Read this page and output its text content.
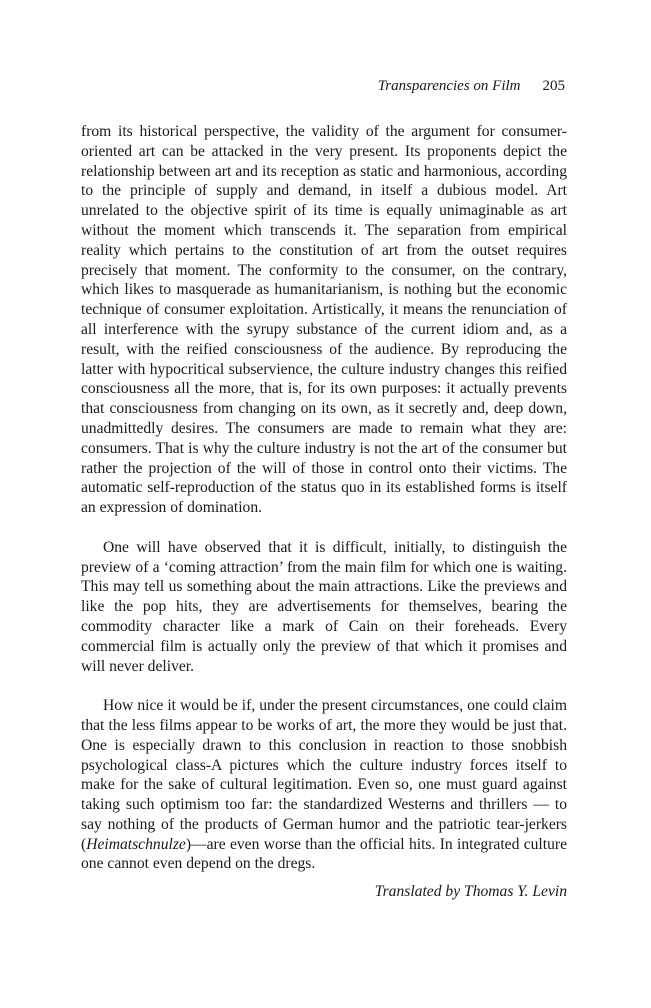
Transparencies on Film 205

from its historical perspective, the validity of the argument for consumer-oriented art can be attacked in the very present. Its proponents depict the relationship between art and its reception as static and harmonious, according to the principle of supply and demand, in itself a dubious model. Art unrelated to the objective spirit of its time is equally unimaginable as art without the moment which transcends it. The separation from empirical reality which pertains to the constitution of art from the outset requires precisely that moment. The conformity to the consumer, on the contrary, which likes to masquerade as humanitarianism, is nothing but the economic technique of consumer exploitation. Artistically, it means the renunciation of all interference with the syrupy substance of the current idiom and, as a result, with the reified consciousness of the audience. By reproducing the latter with hypocritical subservience, the culture industry changes this reified consciousness all the more, that is, for its own purposes: it actually prevents that consciousness from changing on its own, as it secretly and, deep down, unadmittedly desires. The consumers are made to remain what they are: consumers. That is why the culture industry is not the art of the consumer but rather the projection of the will of those in control onto their victims. The automatic self-reproduction of the status quo in its established forms is itself an expression of domination.

One will have observed that it is difficult, initially, to distinguish the preview of a ‘coming attraction’ from the main film for which one is waiting. This may tell us something about the main attractions. Like the previews and like the pop hits, they are advertisements for themselves, bearing the commodity character like a mark of Cain on their foreheads. Every commercial film is actually only the preview of that which it promises and will never deliver.

How nice it would be if, under the present circumstances, one could claim that the less films appear to be works of art, the more they would be just that. One is especially drawn to this conclusion in reaction to those snobbish psychological class-A pictures which the culture industry forces itself to make for the sake of cultural legitimation. Even so, one must guard against taking such optimism too far: the standardized Westerns and thrillers — to say nothing of the products of German humor and the patriotic tear-jerkers (Heimatschnulze)—are even worse than the official hits. In integrated culture one cannot even depend on the dregs.

Translated by Thomas Y. Levin
